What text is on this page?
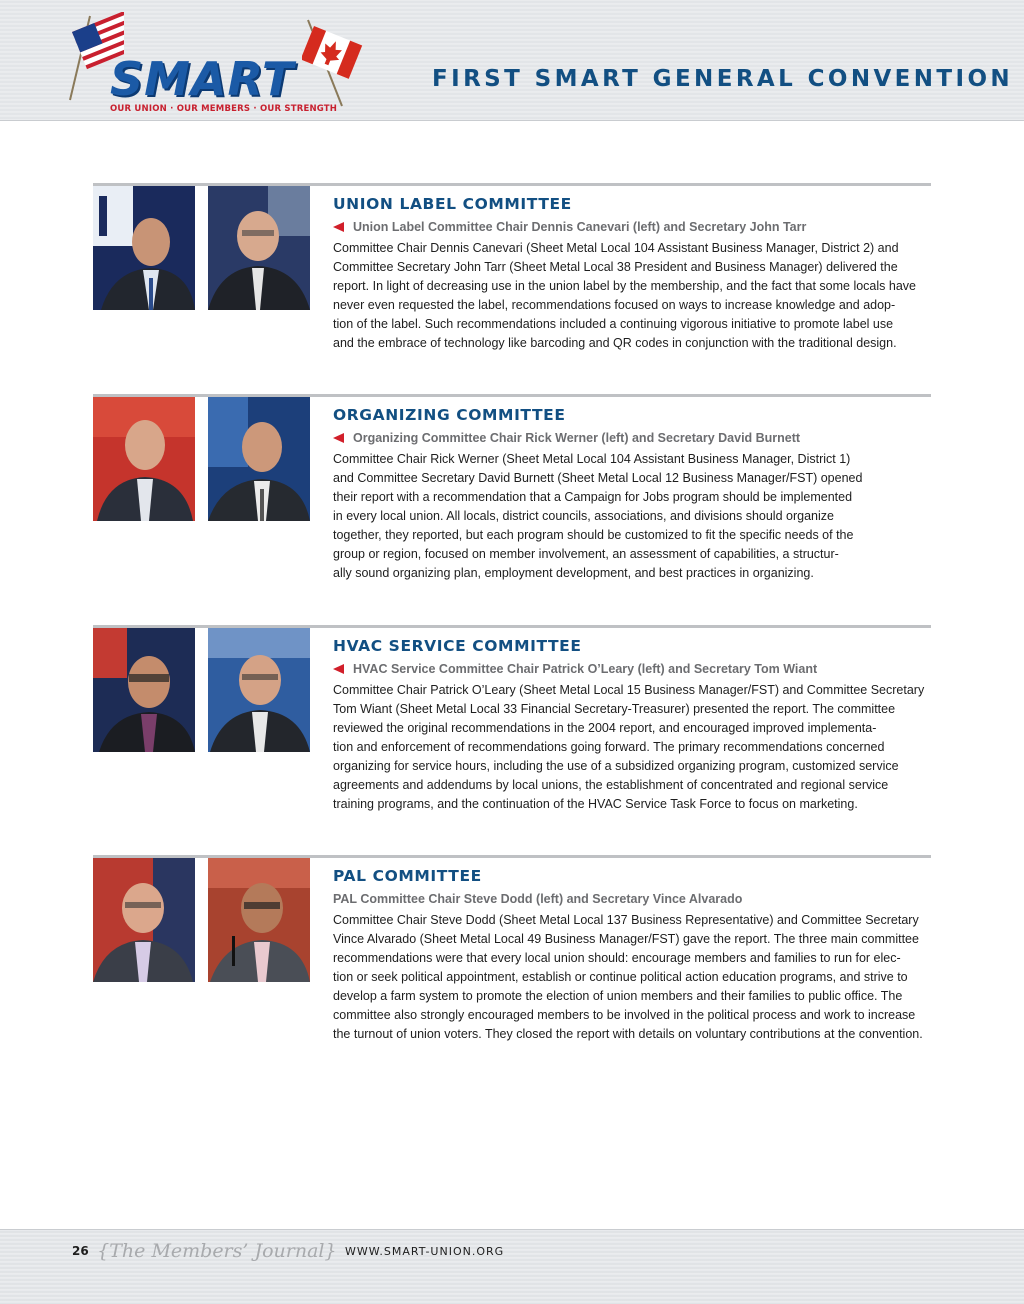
SMART
OUR UNION · OUR MEMBERS · OUR STRENGTH
FIRST SMART GENERAL CONVENTION
UNION LABEL COMMITTEE
Union Label Committee Chair Dennis Canevari (left) and Secretary John Tarr
Committee Chair Dennis Canevari (Sheet Metal Local 104 Assistant Business Manager, District 2) and
Committee Secretary John Tarr (Sheet Metal Local 38 President and Business Manager) delivered the
report. In light of decreasing use in the union label by the membership, and the fact that some locals have
never even requested the label, recommendations focused on ways to increase knowledge and adop-
tion of the label. Such recommendations included a continuing vigorous initiative to promote label use
and the embrace of technology like barcoding and QR codes in conjunction with the traditional design.
ORGANIZING COMMITTEE
Organizing Committee Chair Rick Werner (left) and Secretary David Burnett
Committee Chair Rick Werner (Sheet Metal Local 104 Assistant Business Manager, District 1)
and Committee Secretary David Burnett (Sheet Metal Local 12 Business Manager/FST) opened
their report with a recommendation that a Campaign for Jobs program should be implemented
in every local union. All locals, district councils, associations, and divisions should organize
together, they reported, but each program should be customized to fit the specific needs of the
group or region, focused on member involvement, an assessment of capabilities, a structur-
ally sound organizing plan, employment development, and best practices in organizing.
HVAC SERVICE COMMITTEE
HVAC Service Committee Chair Patrick O’Leary (left) and Secretary Tom Wiant
Committee Chair Patrick O’Leary (Sheet Metal Local 15 Business Manager/FST) and Committee Secretary
Tom Wiant (Sheet Metal Local 33 Financial Secretary-Treasurer) presented the report. The committee
reviewed the original recommendations in the 2004 report, and encouraged improved implementa-
tion and enforcement of recommendations going forward. The primary recommendations concerned
organizing for service hours, including the use of a subsidized organizing program, customized service
agreements and addendums by local unions, the establishment of concentrated and regional service
training programs, and the continuation of the HVAC Service Task Force to focus on marketing.
PAL COMMITTEE
PAL Committee Chair Steve Dodd (left) and Secretary Vince Alvarado
Committee Chair Steve Dodd (Sheet Metal Local 137 Business Representative) and Committee Secretary
Vince Alvarado (Sheet Metal Local 49 Business Manager/FST) gave the report. The three main committee
recommendations were that every local union should: encourage members and families to run for elec-
tion or seek political appointment, establish or continue political action education programs, and strive to
develop a farm system to promote the election of union members and their families to public office. The
committee also strongly encouraged members to be involved in the political process and work to increase
the turnout of union voters. They closed the report with details on voluntary contributions at the convention.
26 {The Members’ Journal} WWW.SMART-UNION.ORG
